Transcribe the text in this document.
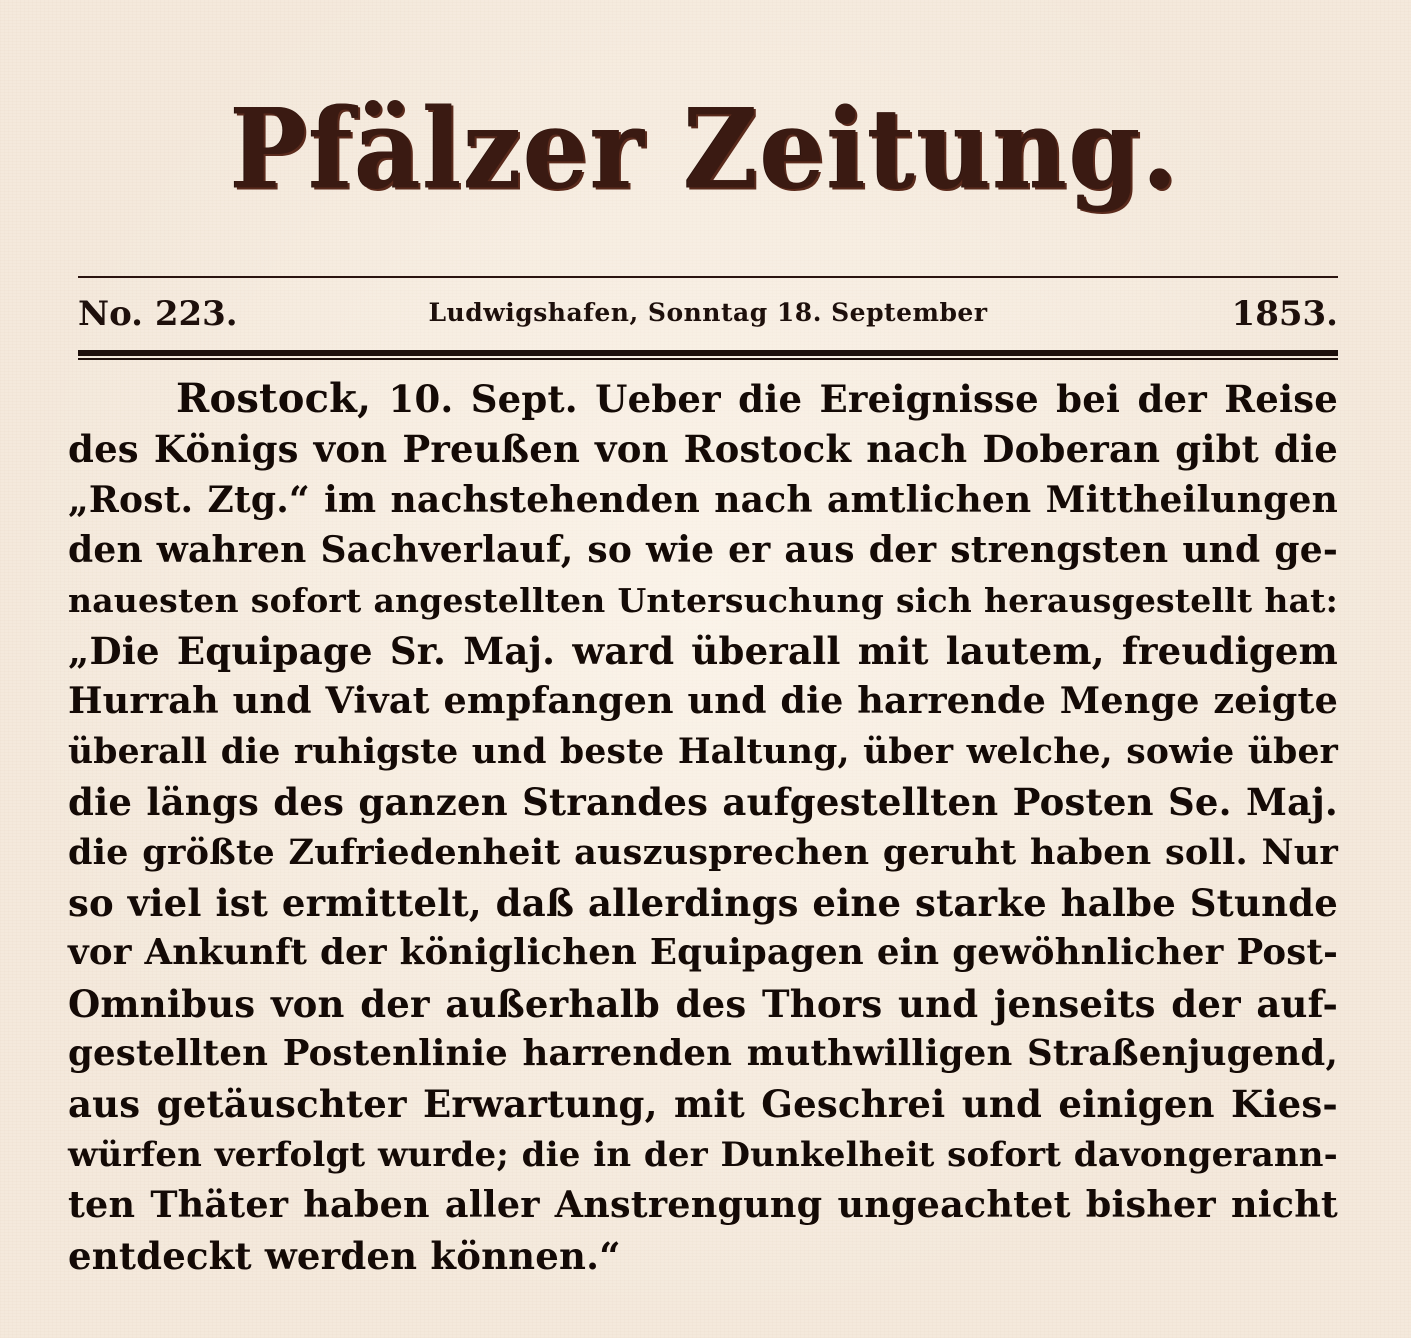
Pfälzer Zeitung.
No. 223.	Ludwigshafen, Sonntag 18. September	1853.
Rostock, 10. Sept. Ueber die Ereignisse bei der Reise
des Königs von Preußen von Rostock nach Doberan gibt die
„Rost. Ztg.“ im nachstehenden nach amtlichen Mittheilungen
den wahren Sachverlauf, so wie er aus der strengsten und ge-
nauesten sofort angestellten Untersuchung sich herausgestellt hat:
„Die Equipage Sr. Maj. ward überall mit lautem, freudigem
Hurrah und Vivat empfangen und die harrende Menge zeigte
überall die ruhigste und beste Haltung, über welche, sowie über
die längs des ganzen Strandes aufgestellten Posten Se. Maj.
die größte Zufriedenheit auszusprechen geruht haben soll. Nur
so viel ist ermittelt, daß allerdings eine starke halbe Stunde
vor Ankunft der königlichen Equipagen ein gewöhnlicher Post-
Omnibus von der außerhalb des Thors und jenseits der auf-
gestellten Postenlinie harrenden muthwilligen Straßenjugend,
aus getäuschter Erwartung, mit Geschrei und einigen Kies-
würfen verfolgt wurde; die in der Dunkelheit sofort davongerann-
ten Thäter haben aller Anstrengung ungeachtet bisher nicht
entdeckt werden können.“
